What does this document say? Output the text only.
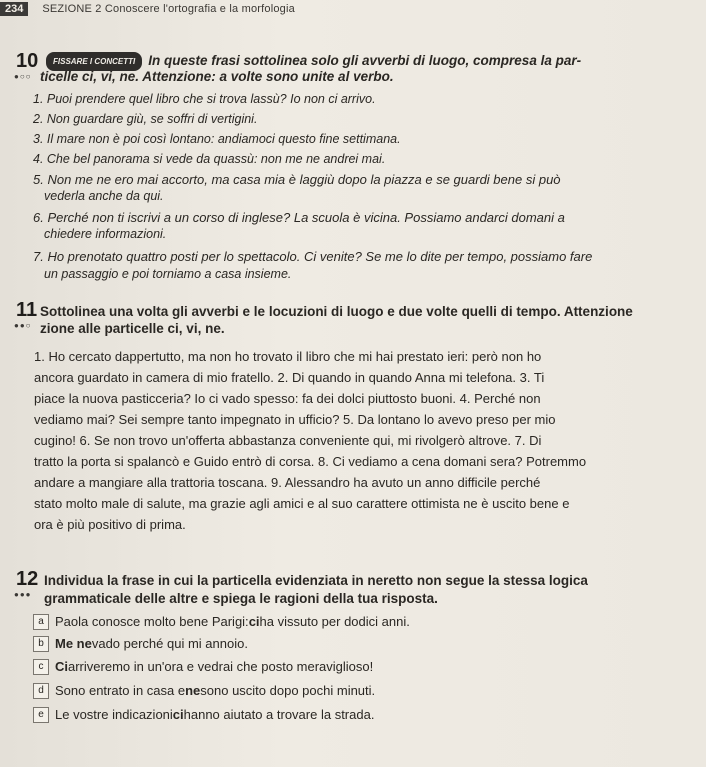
234	SEZIONE 2 Conoscere l'ortografia e la morfologia
10
●○○
FISSARE I CONCETTI In queste frasi sottolinea solo gli avverbi di luogo, compresa la par-
ticelle ci, vi, ne. Attenzione: a volte sono unite al verbo.
1. Puoi prendere quel libro che si trova lassù? Io non ci arrivo.
2. Non guardare giù, se soffri di vertigini.
3. Il mare non è poi così lontano: andiamoci questo fine settimana.
4. Che bel panorama si vede da quassù: non me ne andrei mai.
5. Non me ne ero mai accorto, ma casa mia è laggiù dopo la piazza e se guardi bene si può
vederla anche da qui.
6. Perché non ti iscrivi a un corso di inglese? La scuola è vicina. Possiamo andarci domani a
chiedere informazioni.
7. Ho prenotato quattro posti per lo spettacolo. Ci venite? Se me lo dite per tempo, possiamo fare
un passaggio e poi torniamo a casa insieme.
11
●●○
Sottolinea una volta gli avverbi e le locuzioni di luogo e due volte quelli di tempo. Attenzione
zione alle particelle ci, vi, ne.

1. Ho cercato dappertutto, ma non ho trovato il libro che mi hai prestato ieri: però non ho

ancora guardato in camera di mio fratello. 2. Di quando in quando Anna mi telefona. 3. Ti

piace la nuova pasticceria? Io ci vado spesso: fa dei dolci piuttosto buoni. 4. Perché non

vediamo mai? Sei sempre tanto impegnato in ufficio? 5. Da lontano lo avevo preso per mio

cugino! 6. Se non trovo un'offerta abbastanza conveniente qui, mi rivolgerò altrove. 7. Di

tratto la porta si spalancò e Guido entrò di corsa. 8. Ci vediamo a cena domani sera? Potremmo

andare a mangiare alla trattoria toscana. 9. Alessandro ha avuto un anno difficile perché

stato molto male di salute, ma grazie agli amici e al suo carattere ottimista ne è uscito bene e

ora è più positivo di prima.

12
●●●
Individua la frase in cui la particella evidenziata in neretto non segue la stessa logica
grammaticale delle altre e spiega le ragioni della tua risposta.
a Paola conosce molto bene Parigi: ci ha vissuto per dodici anni.
b Me ne vado perché qui mi annoio.
c Ci arriveremo in un'ora e vedrai che posto meraviglioso!
d Sono entrato in casa e ne sono uscito dopo pochi minuti.
e Le vostre indicazioni ci hanno aiutato a trovare la strada.
